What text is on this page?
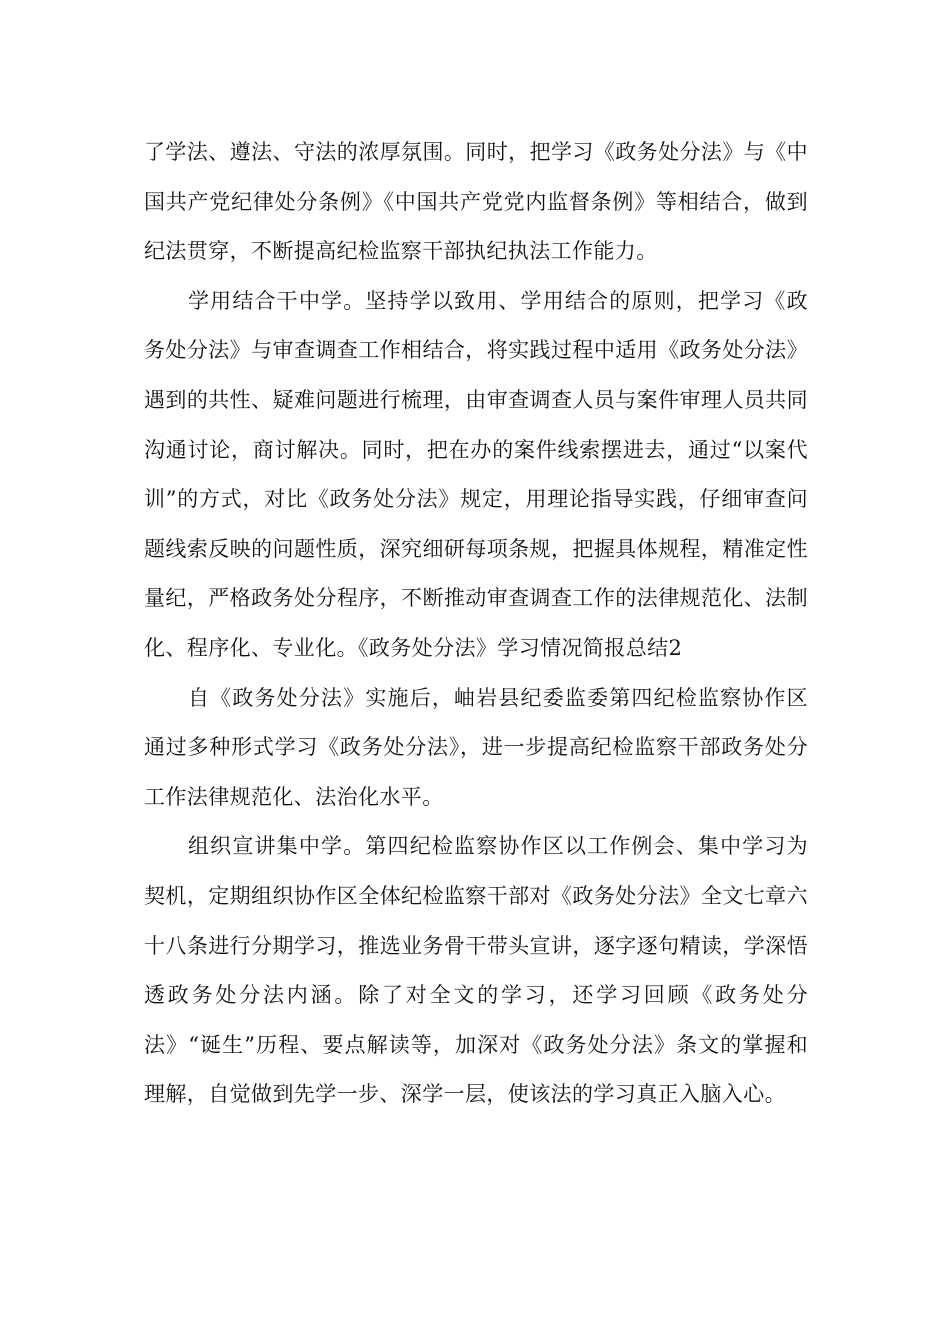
了学法、遵法、守法的浓厚氛围。同时，把学习《政务处分法》与《中国共产党纪律处分条例》《中国共产党党内监督条例》等相结合，做到纪法贯穿，不断提高纪检监察干部执纪执法工作能力。

学用结合干中学。坚持学以致用、学用结合的原则，把学习《政务处分法》与审查调查工作相结合，将实践过程中适用《政务处分法》遇到的共性、疑难问题进行梳理，由审查调查人员与案件审理人员共同沟通讨论，商讨解决。同时，把在办的案件线索摆进去，通过“以案代训”的方式，对比《政务处分法》规定，用理论指导实践，仔细审查问题线索反映的问题性质，深究细研每项条规，把握具体规程，精准定性量纪，严格政务处分程序，不断推动审查调查工作的法律规范化、法制化、程序化、专业化。《政务处分法》学习情况简报总结2

自《政务处分法》实施后，岫岩县纪委监委第四纪检监察协作区通过多种形式学习《政务处分法》，进一步提高纪检监察干部政务处分工作法律规范化、法治化水平。

组织宣讲集中学。第四纪检监察协作区以工作例会、集中学习为契机，定期组织协作区全体纪检监察干部对《政务处分法》全文七章六十八条进行分期学习，推选业务骨干带头宣讲，逐字逐句精读，学深悟透政务处分法内涵。除了对全文的学习，还学习回顾《政务处分法》“诞生”历程、要点解读等，加深对《政务处分法》条文的掌握和理解，自觉做到先学一步、深学一层，使该法的学习真正入脑入心。
